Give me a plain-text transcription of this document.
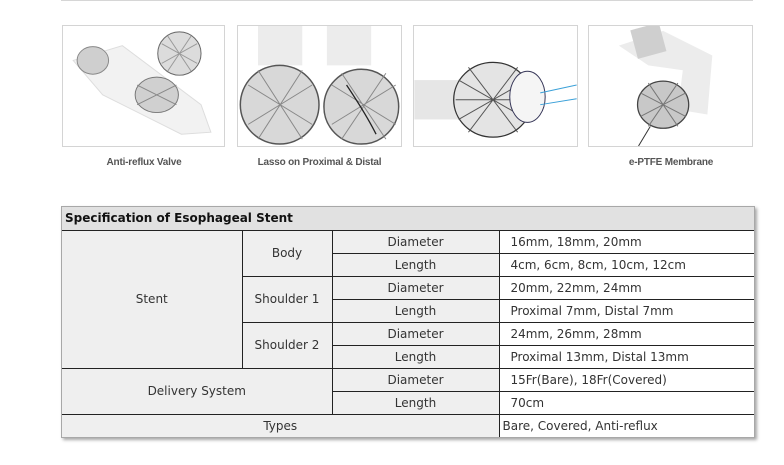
Anti-reflux Valve	Lasso on Proximal & Distal	e-PTFE Membrane
Specification of Esophageal Stent			
Stent	Body	Diameter	16mm, 18mm, 20mm
		Length	4cm, 6cm, 8cm, 10cm, 12cm
	Shoulder 1	Diameter	20mm, 22mm, 24mm
		Length	Proximal 7mm, Distal 7mm
	Shoulder 2	Diameter	24mm, 26mm, 28mm
		Length	Proximal 13mm, Distal 13mm
Delivery System		Diameter	15Fr(Bare), 18Fr(Covered)
		Length	70cm
Types			Bare, Covered, Anti-reflux
